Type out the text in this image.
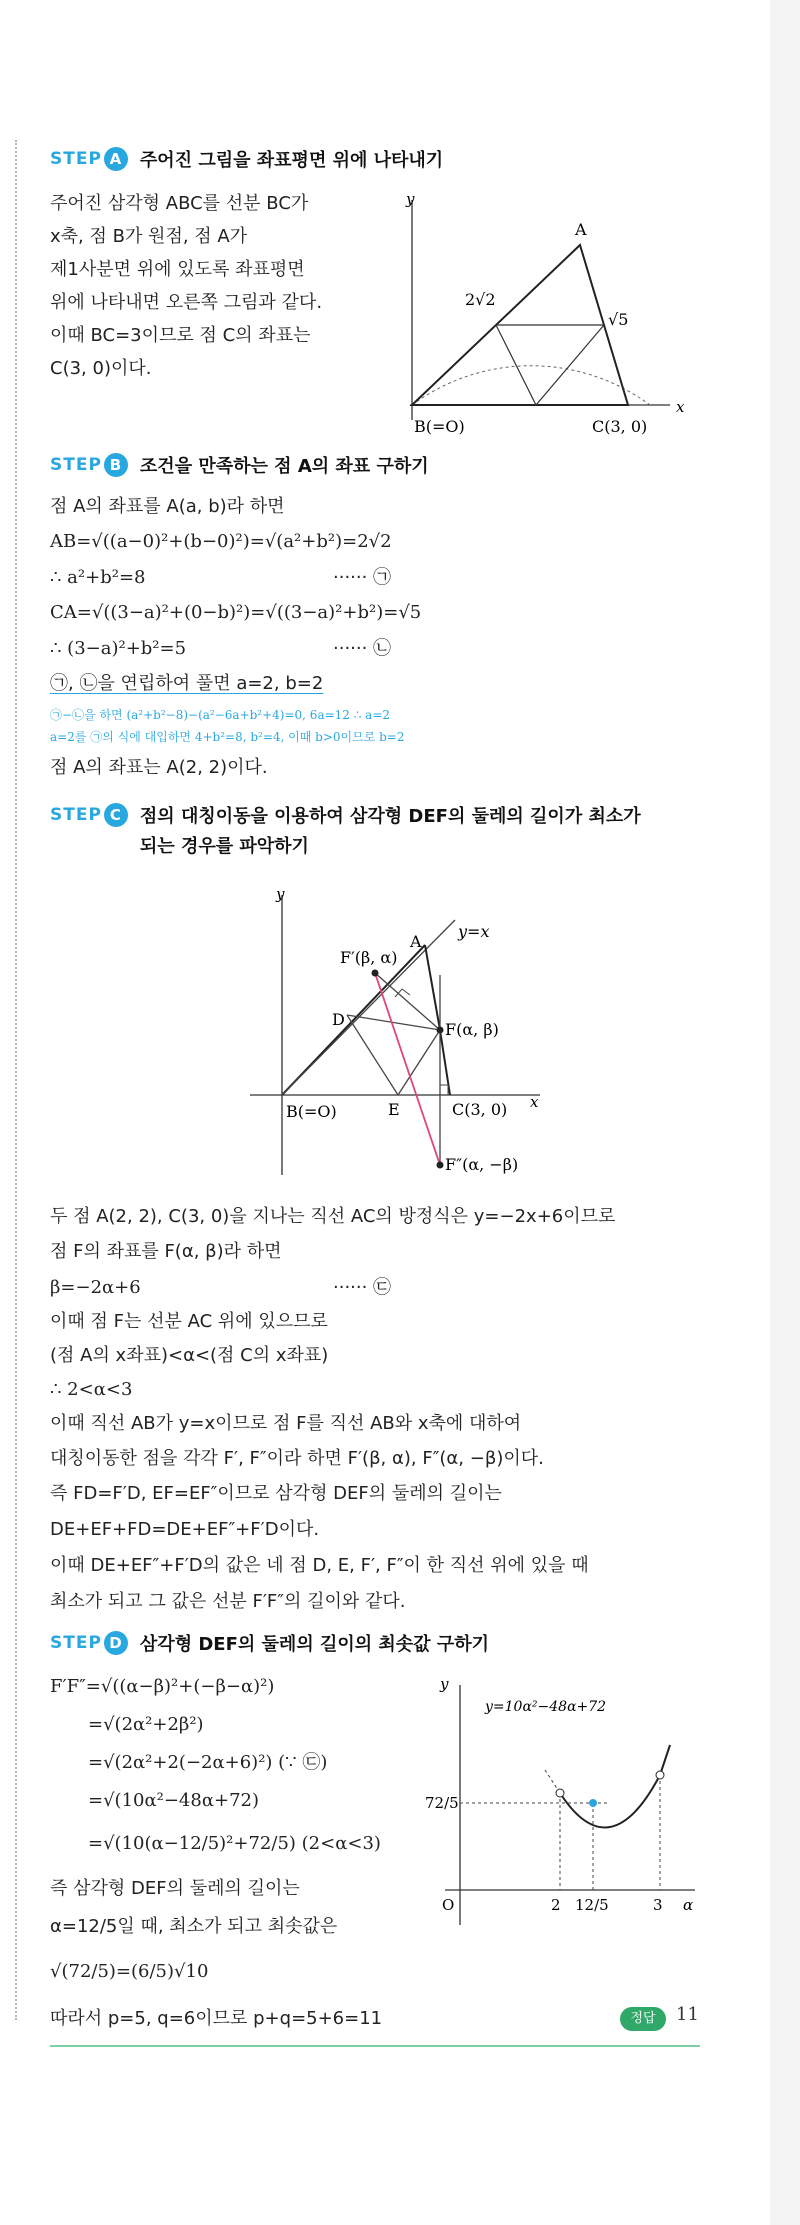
STEP A 주어진 그림을 좌표평면 위에 나타내기
주어진 삼각형 ABC를 선분 BC가
x축, 점 B가 원점, 점 A가
제1사분면 위에 있도록 좌표평면
위에 나타내면 오른쪽 그림과 같다.
이때 BC=3이므로 점 C의 좌표는
C(3, 0)이다.
y
x
A
B(=O)	C(3, 0)
2√2
√5
STEP B 조건을 만족하는 점 A의 좌표 구하기
점 A의 좌표를 A(a, b)라 하면
AB=√((a−0)²+(b−0)²)=√(a²+b²)=2√2
∴ a²+b²=8	······ ㉠
CA=√((3−a)²+(0−b)²)=√((3−a)²+b²)=√5
∴ (3−a)²+b²=5	······ ㉡
㉠, ㉡을 연립하여 풀면 a=2, b=2
㉠−㉡을 하면 (a²+b²−8)−(a²−6a+b²+4)=0, 6a=12 ∴ a=2
a=2를 ㉠의 식에 대입하면 4+b²=8, b²=4, 이때 b>0이므로 b=2
점 A의 좌표는 A(2, 2)이다.
STEP C	점의 대칭이동을 이용하여 삼각형 DEF의 둘레의 길이가 최소가
되는 경우를 파악하기
y
x
F′(β, α)
y=x
A
D
F(α, β)
B(=O)	E	C(3, 0)
F″(α, −β)
두 점 A(2, 2), C(3, 0)을 지나는 직선 AC의 방정식은 y=−2x+6이므로
점 F의 좌표를 F(α, β)라 하면
β=−2α+6	······ ㉢
이때 점 F는 선분 AC 위에 있으므로
(점 A의 x좌표)<α<(점 C의 x좌표)
∴ 2<α<3
이때 직선 AB가 y=x이므로 점 F를 직선 AB와 x축에 대하여
대칭이동한 점을 각각 F′, F″이라 하면 F′(β, α), F″(α, −β)이다.
즉 FD=F′D, EF=EF″이므로 삼각형 DEF의 둘레의 길이는
DE+EF+FD=DE+EF″+F′D이다.
이때 DE+EF″+F′D의 값은 네 점 D, E, F′, F″이 한 직선 위에 있을 때
최소가 되고 그 값은 선분 F′F″의 길이와 같다.
STEP D 삼각형 DEF의 둘레의 길이의 최솟값 구하기
F′F″=√((α−β)²+(−β−α)²)
=√(2α²+2β²)
=√(2α²+2(−2α+6)²) (∵ ㉢)
=√(10α²−48α+72)
=√(10(α−12/5)²+72/5) (2<α<3)
즉 삼각형 DEF의 둘레의 길이는
α=12/5일 때, 최소가 되고 최솟값은
√(72/5)=(6/5)√10
따라서 p=5, q=6이므로 p+q=5+6=11
y
y=10α²−48α+72
72/5
O	2 12/5	3 α
정답	11
